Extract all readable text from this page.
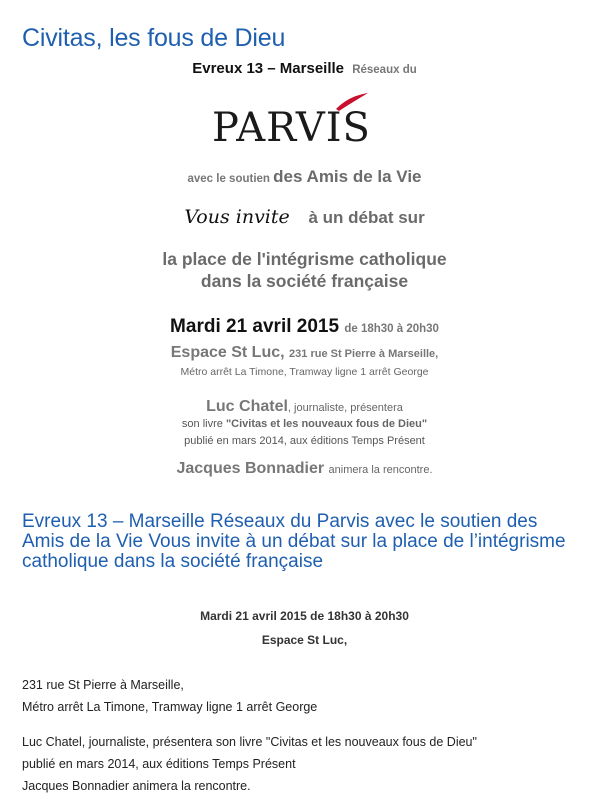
Civitas, les fous de Dieu
Evreux 13 – Marseille Réseaux du
PARVIS
avec le soutien des Amis de la Vie
Vous invite à un débat sur
la place de l'intégrisme catholique
dans la société française
Mardi 21 avril 2015 de 18h30 à 20h30
Espace St Luc, 231 rue St Pierre à Marseille,
Métro arrêt La Timone, Tramway ligne 1 arrêt George
Luc Chatel, journaliste, présentera
son livre "Civitas et les nouveaux fous de Dieu"
publié en mars 2014, aux éditions Temps Présent
Jacques Bonnadier animera la rencontre.
Evreux 13 – Marseille Réseaux du Parvis avec le soutien des Amis de la Vie Vous invite à un débat sur la place de l’intégrisme catholique dans la société française
Mardi 21 avril 2015 de 18h30 à 20h30
Espace St Luc,
231 rue St Pierre à Marseille,
Métro arrêt La Timone, Tramway ligne 1 arrêt George
Luc Chatel, journaliste, présentera son livre "Civitas et les nouveaux fous de Dieu"
publié en mars 2014, aux éditions Temps Présent
Jacques Bonnadier animera la rencontre.
